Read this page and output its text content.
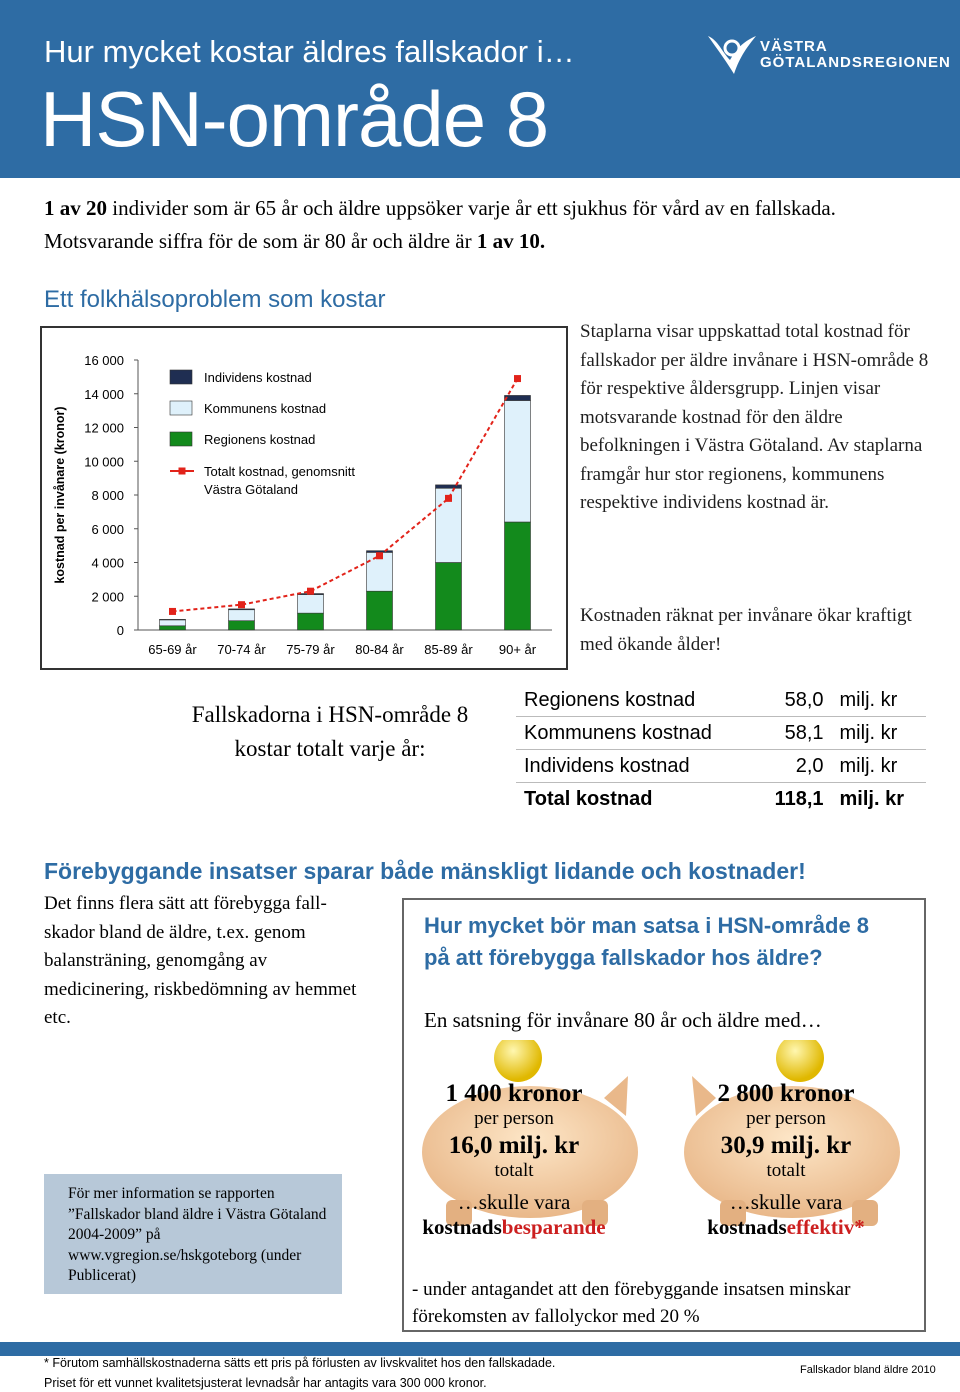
Hur mycket kostar äldres fallskador i…
HSN-område 8
VÄSTRA
GÖTALANDSREGIONEN
1 av 20 individer som är 65 år och äldre uppsöker varje år ett sjukhus för vård av en fallskada. Motsvarande siffra för de som är 80 år och äldre är 1 av 10.
Ett folkhälsoproblem som kostar
kostnad per invånare (kronor)
0
2 000
4 000
6 000
8 000
10 000
12 000
14 000
16 000
65-69 år 70-74 år 75-79 år 80-84 år 85-89 år 90+ år
Individens kostnad
Kommunens kostnad
Regionens kostnad
Totalt kostnad, genomsnitt
Västra Götaland
Staplarna visar uppskattad total kostnad för fallskador per äldre invånare i HSN-område 8 för respektive åldersgrupp. Linjen visar motsvarande kostnad för den äldre befolkningen i Västra Götaland. Av staplarna framgår hur stor regionens, kommunens respektive individens kostnad är.
Kostnaden räknat per invånare ökar kraftigt med ökande ålder!
Fallskadorna i HSN-område 8
kostar totalt varje år:
Regionens kostnad	58,0	milj. kr
Kommunens kostnad	58,1	milj. kr
Individens kostnad	2,0	milj. kr
Total kostnad	118,1	milj. kr
Förebyggande insatser sparar både mänskligt lidande och kostnader!
Det finns flera sätt att förebygga fall-skador bland de äldre, t.ex. genom balansträning, genomgång av medicinering, riskbedömning av hemmet etc.
Hur mycket bör man satsa i HSN-område 8 på att förebygga fallskador hos äldre?
En satsning för invånare 80 år och äldre med…
1 400 kronor
per person
16,0 milj. kr
totalt
…skulle vara
kostnadsbesparande
2 800 kronor
per person
30,9 milj. kr
totalt
…skulle vara
kostnadseffektiv*
- under antagandet att den förebyggande insatsen minskar förekomsten av fallolyckor med 20 %
För mer information se rapporten ”Fallskador bland äldre i Västra Götaland 2004-2009” på www.vgregion.se/hskgoteborg (under Publicerat)
* Förutom samhällskostnaderna sätts ett pris på förlusten av livskvalitet hos den fallskadade.
Priset för ett vunnet kvalitetsjusterat levnadsår har antagits vara 300 000 kronor.
Fallskador bland äldre 2010
